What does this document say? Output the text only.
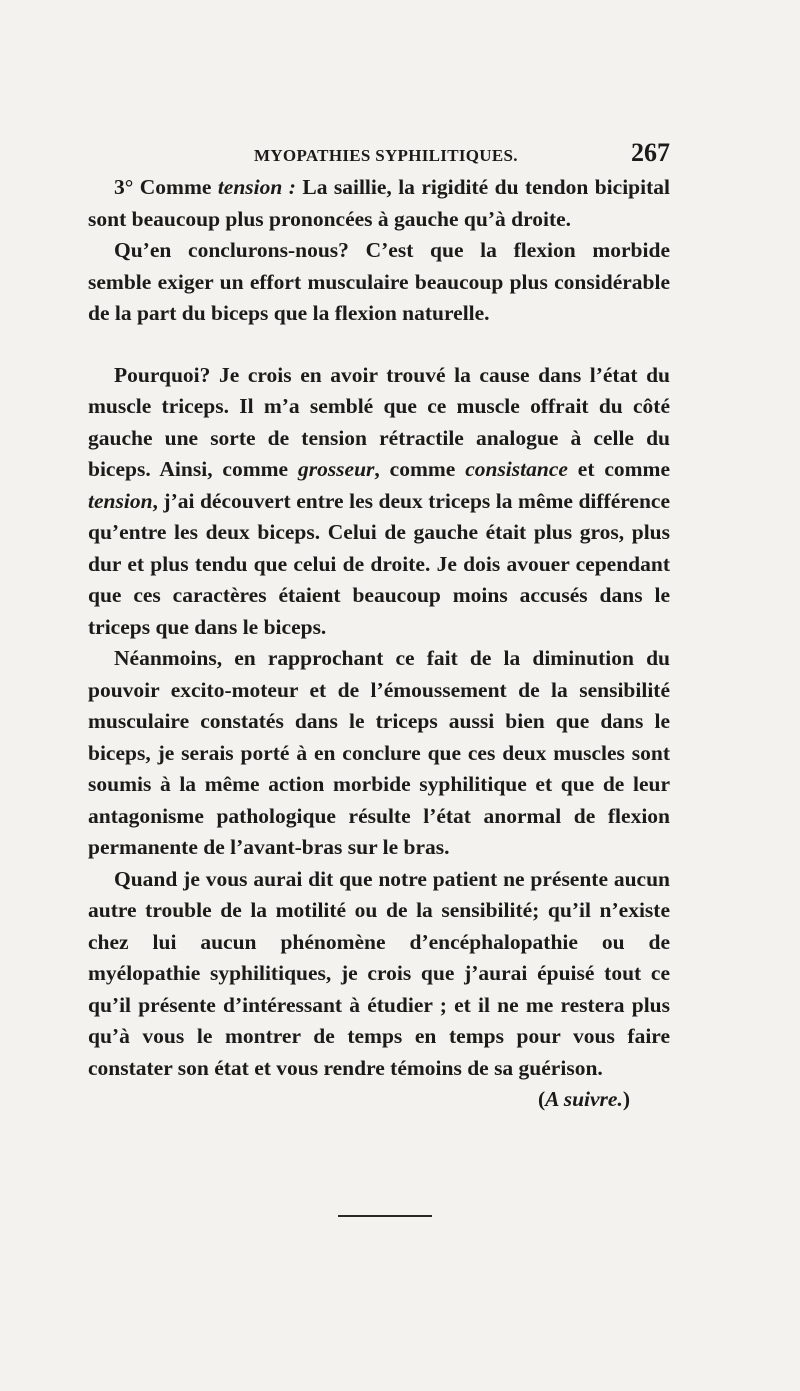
MYOPATHIES SYPHILITIQUES.	267

3° Comme tension : La saillie, la rigidité du tendon bicipital sont beaucoup plus prononcées à gauche qu’à droite.

Qu’en conclurons-nous? C’est que la flexion morbide semble exiger un effort musculaire beaucoup plus considérable de la part du biceps que la flexion naturelle.

Pourquoi? Je crois en avoir trouvé la cause dans l’état du muscle triceps. Il m’a semblé que ce muscle offrait du côté gauche une sorte de tension rétractile analogue à celle du biceps. Ainsi, comme grosseur, comme consistance et comme tension, j’ai découvert entre les deux triceps la même différence qu’entre les deux biceps. Celui de gauche était plus gros, plus dur et plus tendu que celui de droite. Je dois avouer cependant que ces caractères étaient beaucoup moins accusés dans le triceps que dans le biceps.

Néanmoins, en rapprochant ce fait de la diminution du pouvoir excito-moteur et de l’émoussement de la sensibilité musculaire constatés dans le triceps aussi bien que dans le biceps, je serais porté à en conclure que ces deux muscles sont soumis à la même action morbide syphilitique et que de leur antagonisme pathologique résulte l’état anormal de flexion permanente de l’avant-bras sur le bras.

Quand je vous aurai dit que notre patient ne présente aucun autre trouble de la motilité ou de la sensibilité; qu’il n’existe chez lui aucun phénomène d’encéphalopathie ou de myélopathie syphilitiques, je crois que j’aurai épuisé tout ce qu’il présente d’intéressant à étudier ; et il ne me restera plus qu’à vous le montrer de temps en temps pour vous faire constater son état et vous rendre témoins de sa guérison.

(A suivre.)
